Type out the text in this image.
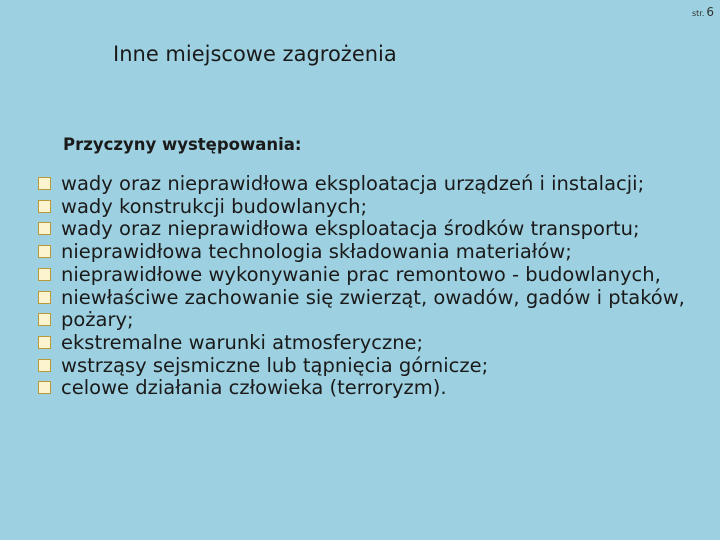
str. 6
Inne miejscowe zagrożenia
Przyczyny występowania:
wady oraz nieprawidłowa eksploatacja urządzeń i instalacji;
wady konstrukcji budowlanych;
wady oraz nieprawidłowa eksploatacja środków transportu;
nieprawidłowa technologia składowania materiałów;
nieprawidłowe wykonywanie prac remontowo - budowlanych,
niewłaściwe zachowanie się zwierząt, owadów, gadów i ptaków,
pożary;
ekstremalne warunki atmosferyczne;
wstrząsy sejsmiczne lub tąpnięcia górnicze;
celowe działania człowieka (terroryzm).
